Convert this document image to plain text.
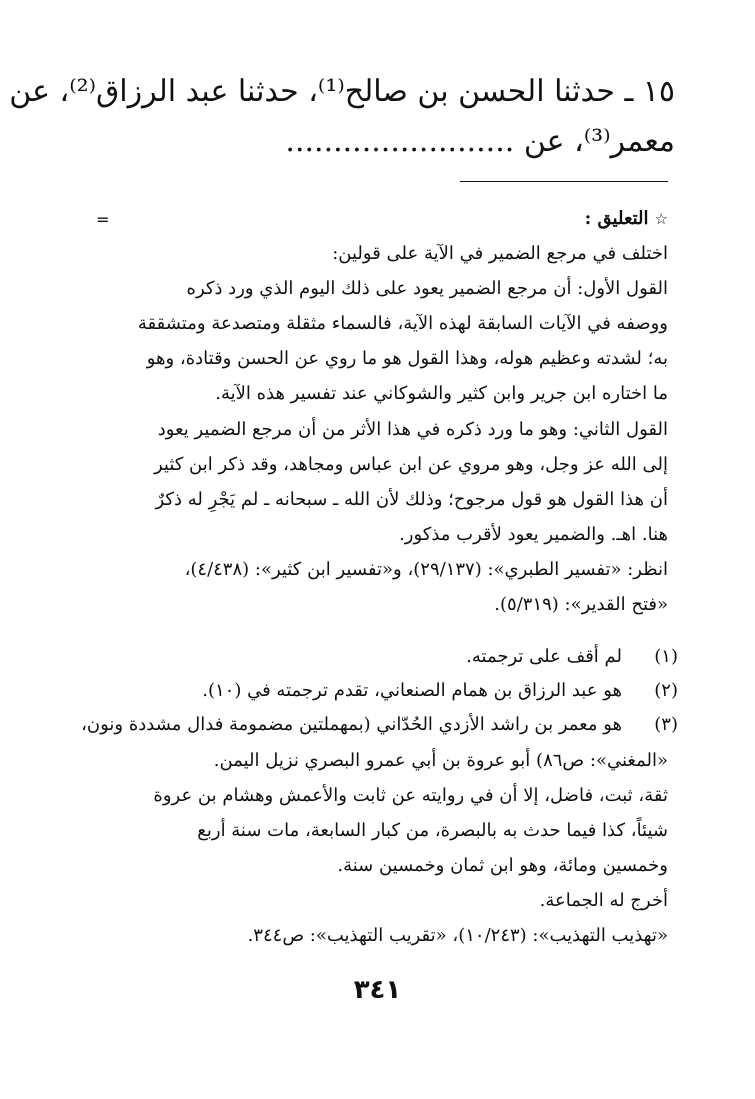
١٥ ـ حدثنا الحسن بن صالح⁽¹⁾، حدثنا عبد الرزاق⁽²⁾، عن
معمر⁽³⁾، عن ........................
=	☆التعليق :
اختلف في مرجع الضمير في الآية على قولين:
القول الأول: أن مرجع الضمير يعود على ذلك اليوم الذي ورد ذكره
ووصفه في الآيات السابقة لهذه الآية، فالسماء مثقلة ومتصدعة ومتشققة
به؛ لشدته وعظيم هوله، وهذا القول هو ما روي عن الحسن وقتادة، وهو
ما اختاره ابن جرير وابن كثير والشوكاني عند تفسير هذه الآية.
القول الثاني: وهو ما ورد ذكره في هذا الأثر من أن مرجع الضمير يعود
إلى الله عز وجل، وهو مروي عن ابن عباس ومجاهد، وقد ذكر ابن كثير
أن هذا القول هو قول مرجوح؛ وذلك لأن الله ـ سبحانه ـ لم يَجْرِ له ذكرٌ
هنا. اهـ. والضمير يعود لأقرب مذكور.
انظر: «تفسير الطبري»: (٢٩/١٣٧)، و«تفسير ابن كثير»: (٤/٤٣٨)،
«فتح القدير»: (٥/٣١٩).
(١)
لم أقف على ترجمته.
(٢)
هو عبد الرزاق بن همام الصنعاني، تقدم ترجمته في (١٠).
(٣)
هو معمر بن راشد الأزدي الحُدّاني (بمهملتين مضمومة فدال مشددة ونون،
«المغني»: ص٨٦) أبو عروة بن أبي عمرو البصري نزيل اليمن.
ثقة، ثبت، فاضل، إلا أن في روايته عن ثابت والأعمش وهشام بن عروة
شيئاً، كذا فيما حدث به بالبصرة، من كبار السابعة، مات سنة أربع
وخمسين ومائة، وهو ابن ثمان وخمسين سنة.
أخرج له الجماعة.
«تهذيب التهذيب»: (١٠/٢٤٣)، «تقريب التهذيب»: ص٣٤٤.
٣٤١
